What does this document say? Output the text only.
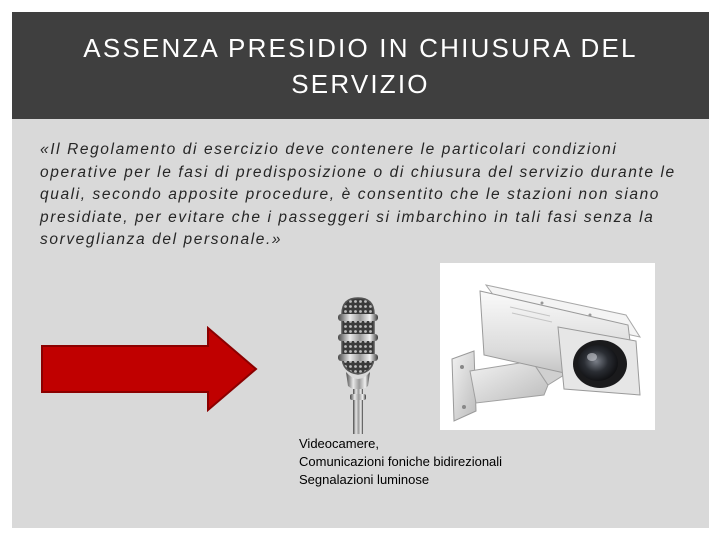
ASSENZA PRESIDIO IN CHIUSURA DEL SERVIZIO
«Il Regolamento di esercizio deve contenere le particolari condizioni operative per le fasi di predisposizione o di chiusura del servizio durante le quali, secondo apposite procedure, è consentito che le stazioni non siano presidiate, per evitare che i passeggeri si imbarchino in tali fasi senza la sorveglianza del personale.»
Videocamere,
Comunicazioni foniche bidirezionali
Segnalazioni luminose
